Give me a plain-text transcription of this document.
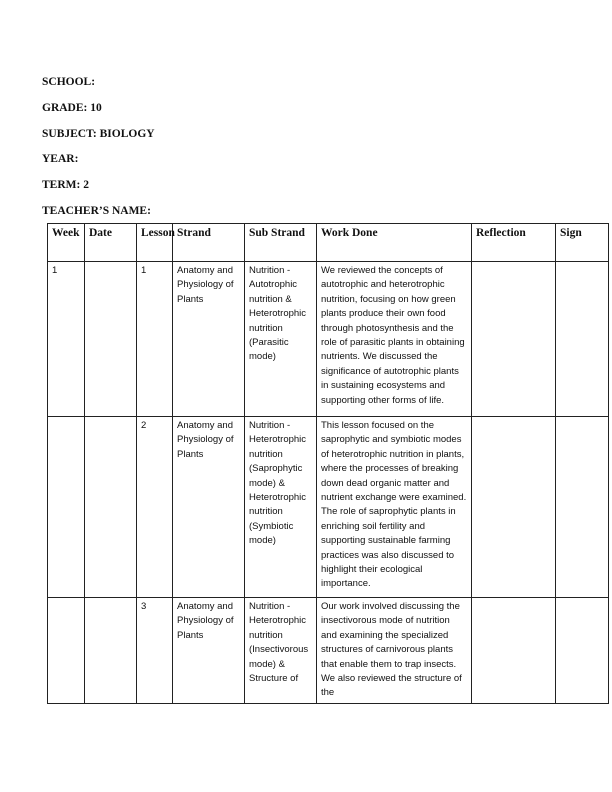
SCHOOL:
GRADE: 10
SUBJECT: BIOLOGY
YEAR:
TERM: 2
TEACHER’S NAME:
Week	Date	Lesson	Strand	Sub Strand	Work Done	Reflection	Sign
1		1	Anatomy and Physiology of Plants	Nutrition - Autotrophic nutrition & Heterotrophic nutrition (Parasitic mode)	We reviewed the concepts of autotrophic and heterotrophic nutrition, focusing on how green plants produce their own food through photosynthesis and the role of parasitic plants in obtaining nutrients. We discussed the significance of autotrophic plants in sustaining ecosystems and supporting other forms of life.		
		2	Anatomy and Physiology of Plants	Nutrition - Heterotrophic nutrition (Saprophytic mode) & Heterotrophic nutrition (Symbiotic mode)	This lesson focused on the saprophytic and symbiotic modes of heterotrophic nutrition in plants, where the processes of breaking down dead organic matter and nutrient exchange were examined. The role of saprophytic plants in enriching soil fertility and supporting sustainable farming practices was also discussed to highlight their ecological importance.		
		3	Anatomy and Physiology of Plants	Nutrition - Heterotrophic nutrition (Insectivorous mode) & Structure of	Our work involved discussing the insectivorous mode of nutrition and examining the specialized structures of carnivorous plants that enable them to trap insects. We also reviewed the structure of the		
